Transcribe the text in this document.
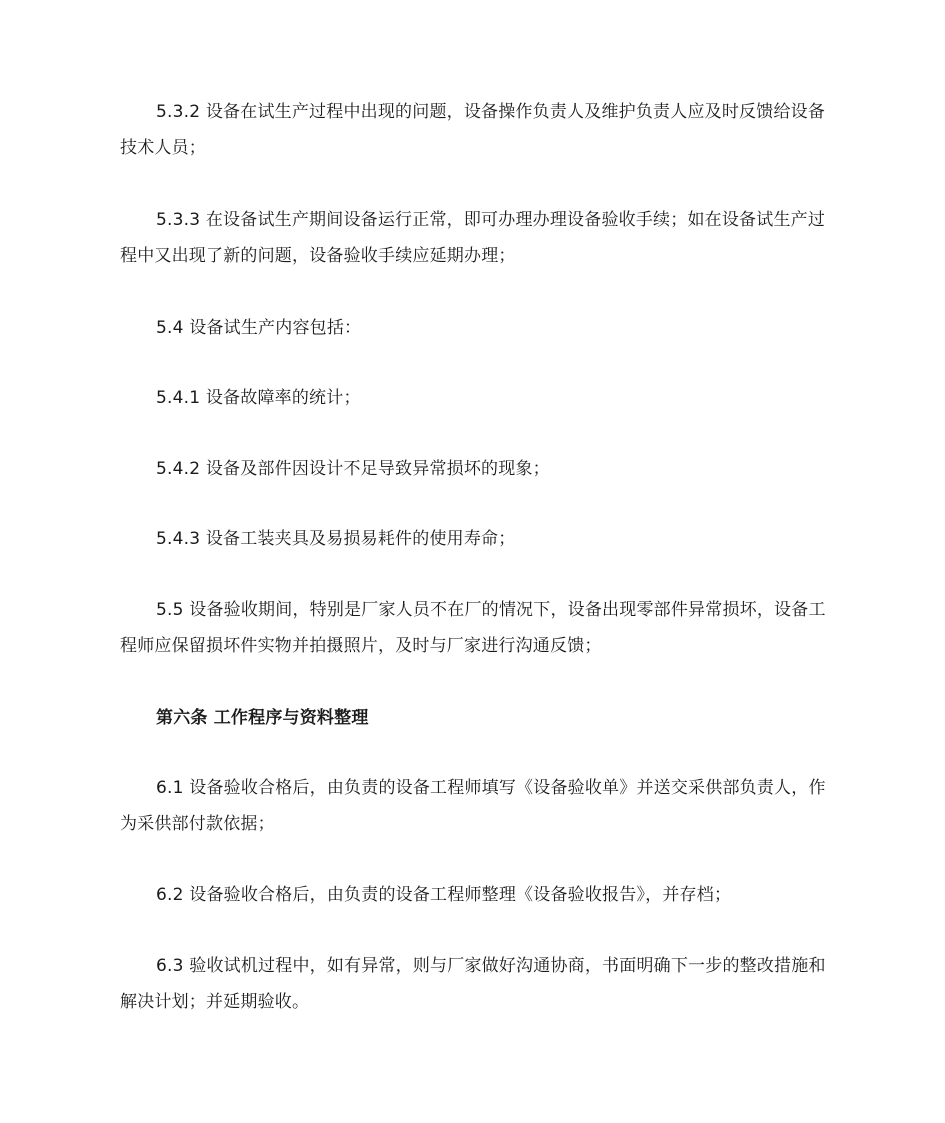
5.3.2 设备在试生产过程中出现的问题，设备操作负责人及维护负责人应及时反馈给设备技术人员；

5.3.3 在设备试生产期间设备运行正常，即可办理办理设备验收手续；如在设备试生产过程中又出现了新的问题，设备验收手续应延期办理；

5.4 设备试生产内容包括：

5.4.1 设备故障率的统计；

5.4.2 设备及部件因设计不足导致异常损坏的现象；

5.4.3 设备工装夹具及易损易耗件的使用寿命；

5.5 设备验收期间，特别是厂家人员不在厂的情况下，设备出现零部件异常损坏，设备工程师应保留损坏件实物并拍摄照片，及时与厂家进行沟通反馈；

第六条 工作程序与资料整理

6.1 设备验收合格后，由负责的设备工程师填写《设备验收单》并送交采供部负责人，作为采供部付款依据；

6.2 设备验收合格后，由负责的设备工程师整理《设备验收报告》，并存档；

6.3 验收试机过程中，如有异常，则与厂家做好沟通协商，书面明确下一步的整改措施和解决计划；并延期验收。
